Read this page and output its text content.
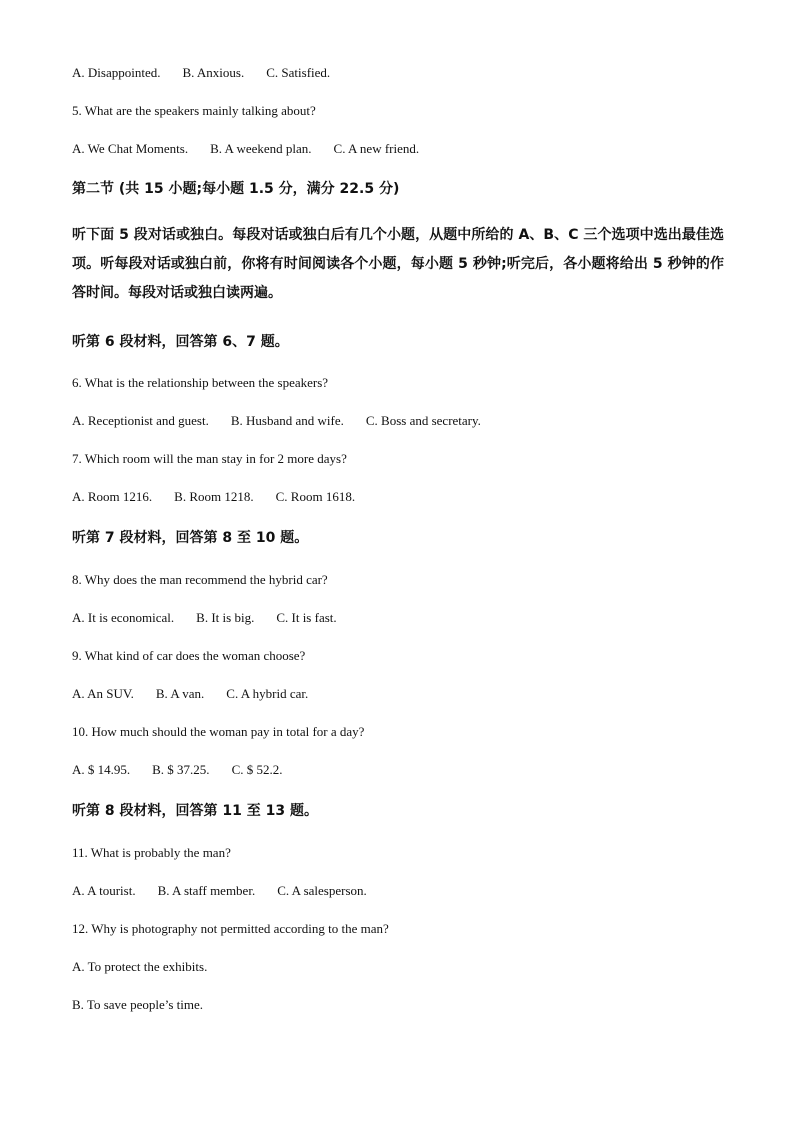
A. Disappointed. B. Anxious. C. Satisfied.
5. What are the speakers mainly talking about?
A. We Chat Moments. B. A weekend plan. C. A new friend.
第二节 (共 15 小题;每小题 1.5 分，满分 22.5 分)
听下面 5 段对话或独白。每段对话或独白后有几个小题，从题中所给的 A、B、C 三个选项中选出最佳选项。听每段对话或独白前，你将有时间阅读各个小题，每小题 5 秒钟;听完后，各小题将给出 5 秒钟的作答时间。每段对话或独白读两遍。
听第 6 段材料，回答第 6、7 题。
6. What is the relationship between the speakers?
A. Receptionist and guest. B. Husband and wife. C. Boss and secretary.
7. Which room will the man stay in for 2 more days?
A. Room 1216. B. Room 1218. C. Room 1618.
听第 7 段材料，回答第 8 至 10 题。
8. Why does the man recommend the hybrid car?
A. It is economical. B. It is big. C. It is fast.
9. What kind of car does the woman choose?
A. An SUV. B. A van. C. A hybrid car.
10. How much should the woman pay in total for a day?
A. $ 14.95. B. $ 37.25. C. $ 52.2.
听第 8 段材料，回答第 11 至 13 题。
11. What is probably the man?
A. A tourist. B. A staff member. C. A salesperson.
12. Why is photography not permitted according to the man?
A. To protect the exhibits.
B. To save people’s time.
